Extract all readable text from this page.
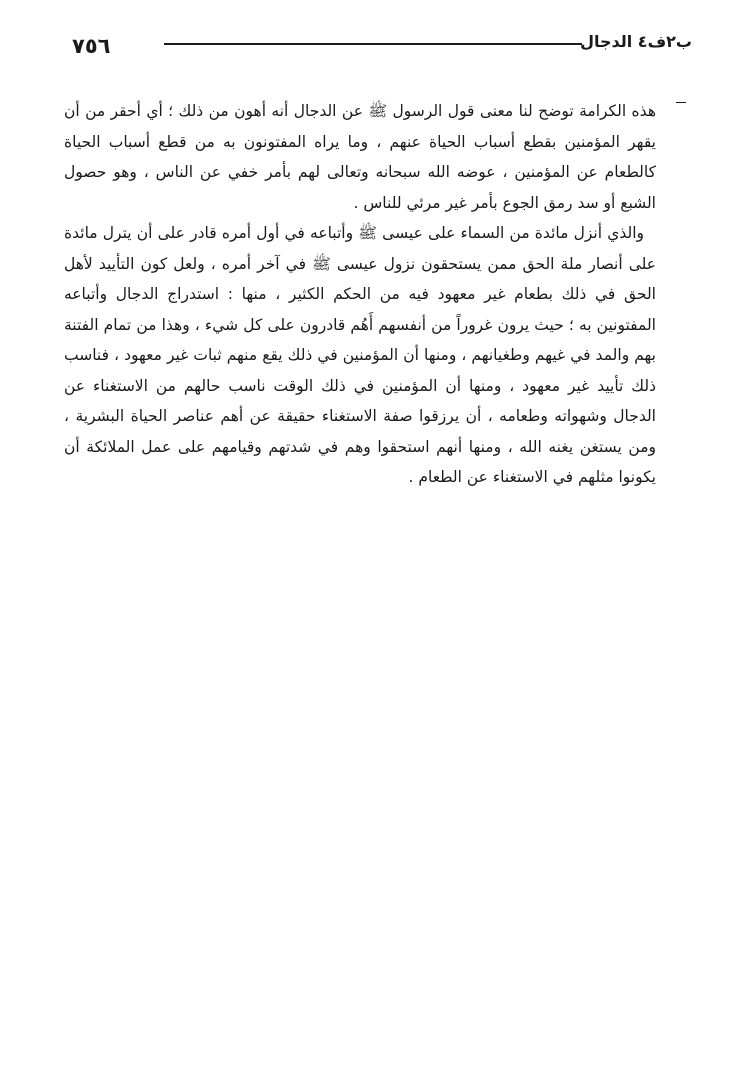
٧٥٦	ب٢ف٤ الدجال

هذه الكرامة توضح لنا معنى قول الرسول ﷺ عن الدجال أنه أهون من ذلك ؛ أي أحقر من أن يقهر المؤمنين بقطع أسباب الحياة عنهم ، وما يراه المفتونون به من قطع أسباب الحياة كالطعام عن المؤمنين ، عوضه الله سبحانه وتعالى لهم بأمر خفي عن الناس ، وهو حصول الشبع أو سد رمق الجوع بأمر غير مرئي للناس .

والذي أنزل مائدة من السماء على عيسى ﷺ وأتباعه في أول أمره قادر على أن يترل مائدة على أنصار ملة الحق ممن يستحقون نزول عيسى ﷺ في آخر أمره ، ولعل كون التأييد لأهل الحق في ذلك بطعام غير معهود فيه من الحكم الكثير ، منها : استدراج الدجال وأتباعه المفتونين به ؛ حيث يرون غروراً من أنفسهم أَهُم قادرون على كل شيء ، وهذا من تمام الفتنة بهم والمد في غيهم وطغيانهم ، ومنها أن المؤمنين في ذلك يقع منهم ثبات غير معهود ، فناسب ذلك تأييد غير معهود ، ومنها أن المؤمنين في ذلك الوقت ناسب حالهم من الاستغناء عن الدجال وشهواته وطعامه ، أن يرزقوا صفة الاستغناء حقيقة عن أهم عناصر الحياة البشرية ، ومن يستغن يغنه الله ، ومنها أنهم استحقوا وهم في شدتهم وقيامهم على عمل الملائكة أن يكونوا مثلهم في الاستغناء عن الطعام .
